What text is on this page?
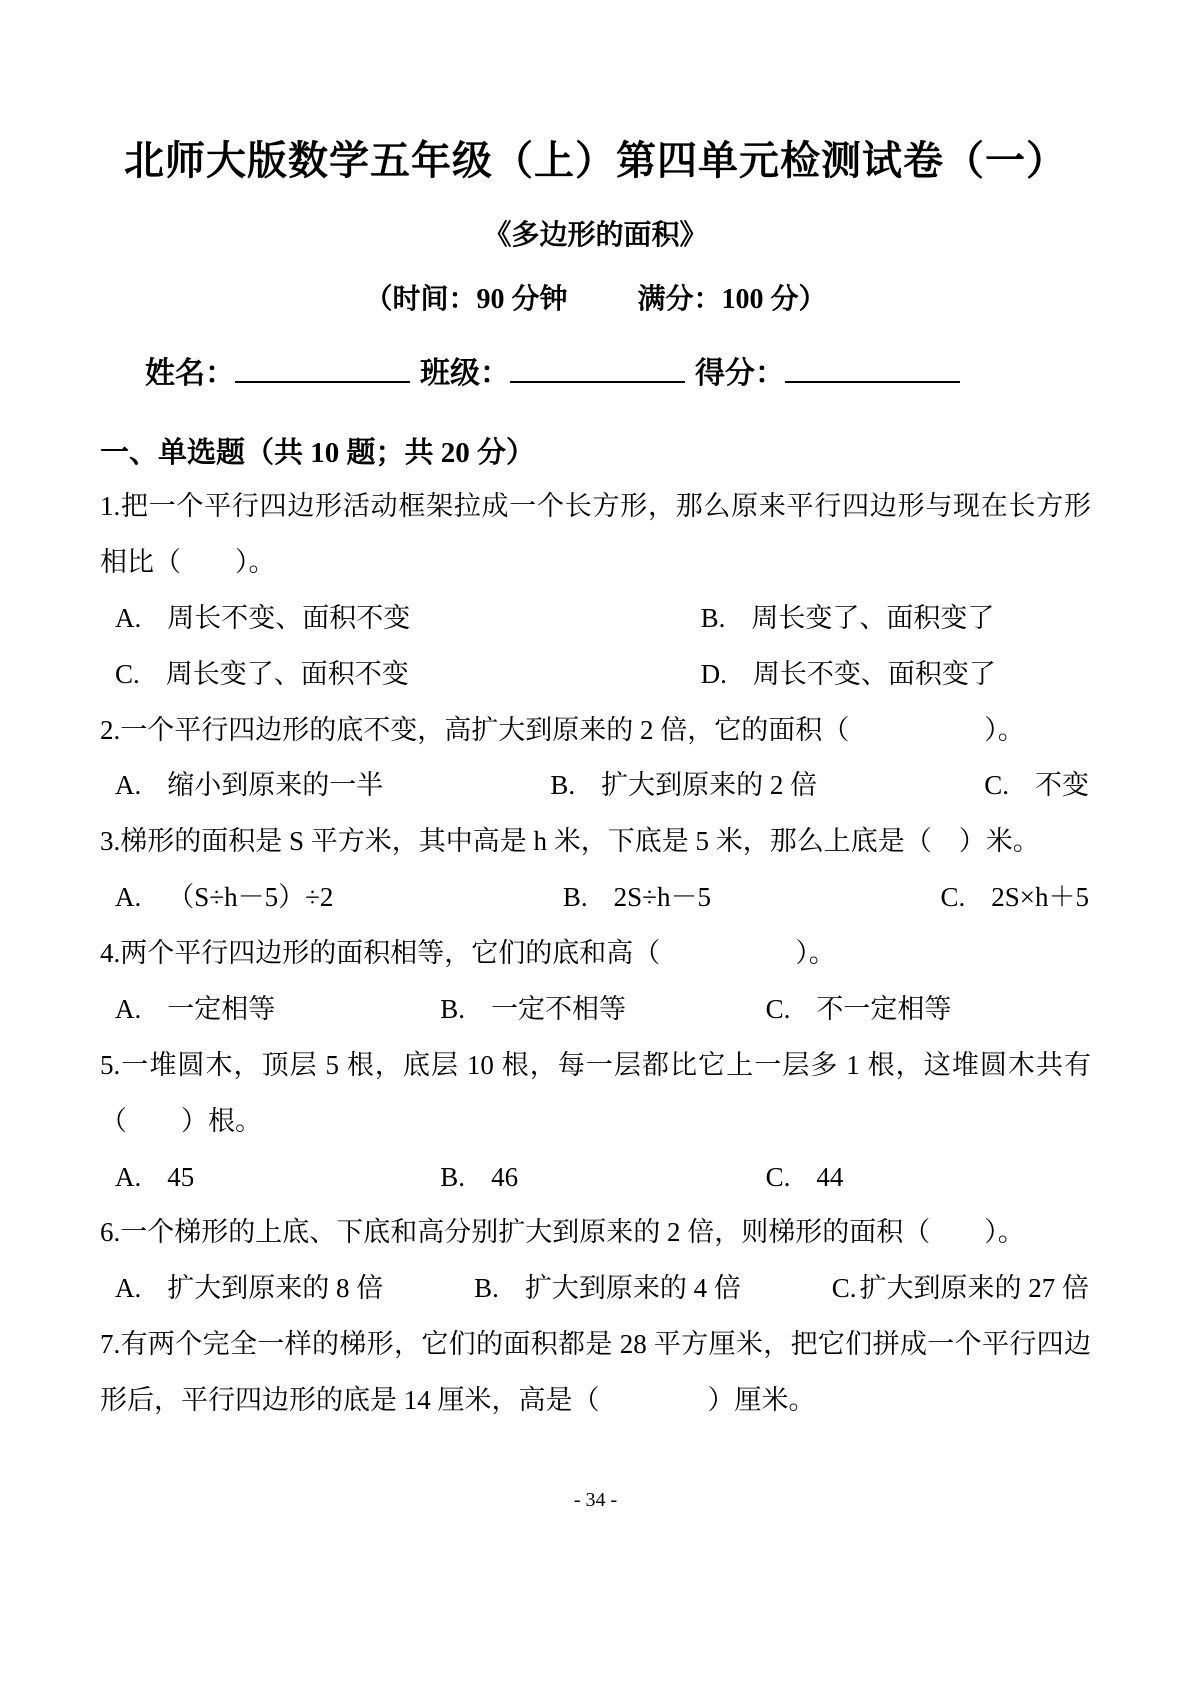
北师大版数学五年级（上）第四单元检测试卷（一）
《多边形的面积》
（时间：90 分钟	满分：100 分）
姓名：	班级：	得分：
一、单选题（共 10 题；共 20 分）

1.把一个平行四边形活动框架拉成一个长方形，那么原来平行四边形与现在长方形相比（　　）。

A. 周长不变、面积不变	B. 周长变了、面积变了
C. 周长变了、面积不变	D. 周长不变、面积变了

2.一个平行四边形的底不变，高扩大到原来的 2 倍，它的面积（　　　　　）。

A. 缩小到原来的一半	B. 扩大到原来的 2 倍	C. 不变

3.梯形的面积是 S 平方米，其中高是 h 米，下底是 5 米，那么上底是（　）米。

A. （S÷h－5）÷2	B. 2S÷h－5	C. 2S×h＋5

4.两个平行四边形的面积相等，它们的底和高（　　　　　）。

A. 一定相等	B. 一定不相等	C. 不一定相等

5.一堆圆木，顶层 5 根，底层 10 根，每一层都比它上一层多 1 根，这堆圆木共有（　　）根。

A. 45	B. 46	C. 44

6.一个梯形的上底、下底和高分别扩大到原来的 2 倍，则梯形的面积（　　）。

A. 扩大到原来的 8 倍	B. 扩大到原来的 4 倍	C. 扩大到原来的 27 倍

7.有两个完全一样的梯形，它们的面积都是 28 平方厘米，把它们拼成一个平行四边形后，平行四边形的底是 14 厘米，高是（　　　　）厘米。

- 34 -
